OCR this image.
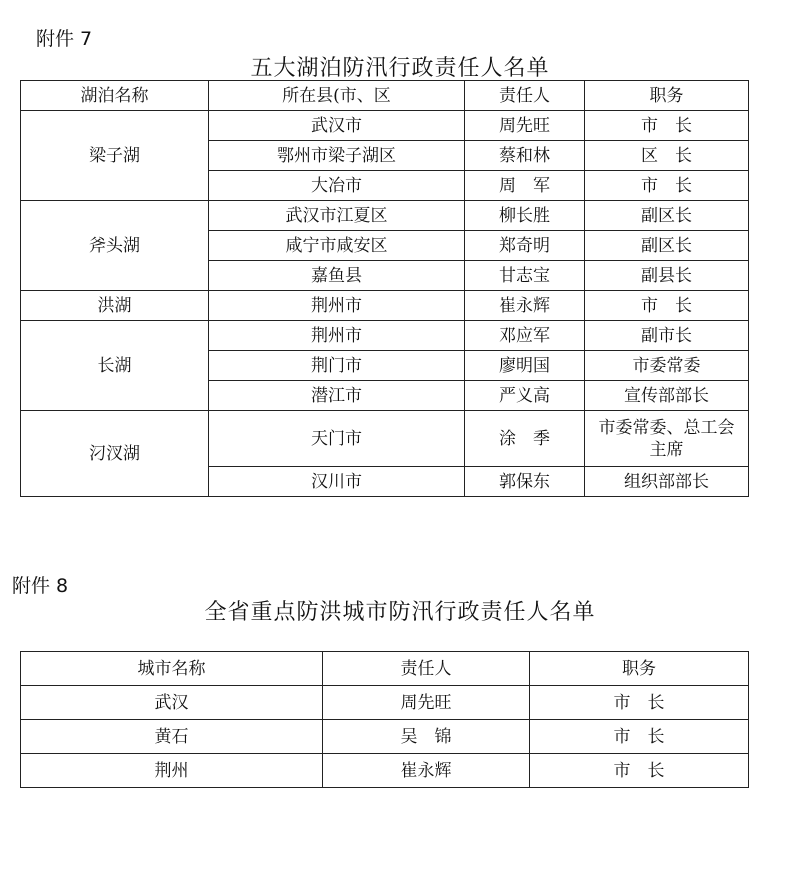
附件 7
五大湖泊防汛行政责任人名单
湖泊名称	所在县(市、区	责任人	职务
梁子湖	武汉市	周先旺	市　长
	鄂州市梁子湖区	蔡和林	区　长
	大冶市	周　军	市　长
斧头湖	武汉市江夏区	柳长胜	副区长
	咸宁市咸安区	郑奇明	副区长
	嘉鱼县	甘志宝	副县长
洪湖	荆州市	崔永辉	市　长
长湖	荆州市	邓应军	副市长
	荆门市	廖明国	市委常委
	潜江市	严义高	宣传部部长
汈汊湖	天门市	涂　季	市委常委、总工会主席
	汉川市	郭保东	组织部部长
附件 8
全省重点防洪城市防汛行政责任人名单
城市名称	责任人	职务
武汉	周先旺	市　长
黄石	吴　锦	市　长
荆州	崔永辉	市　长
